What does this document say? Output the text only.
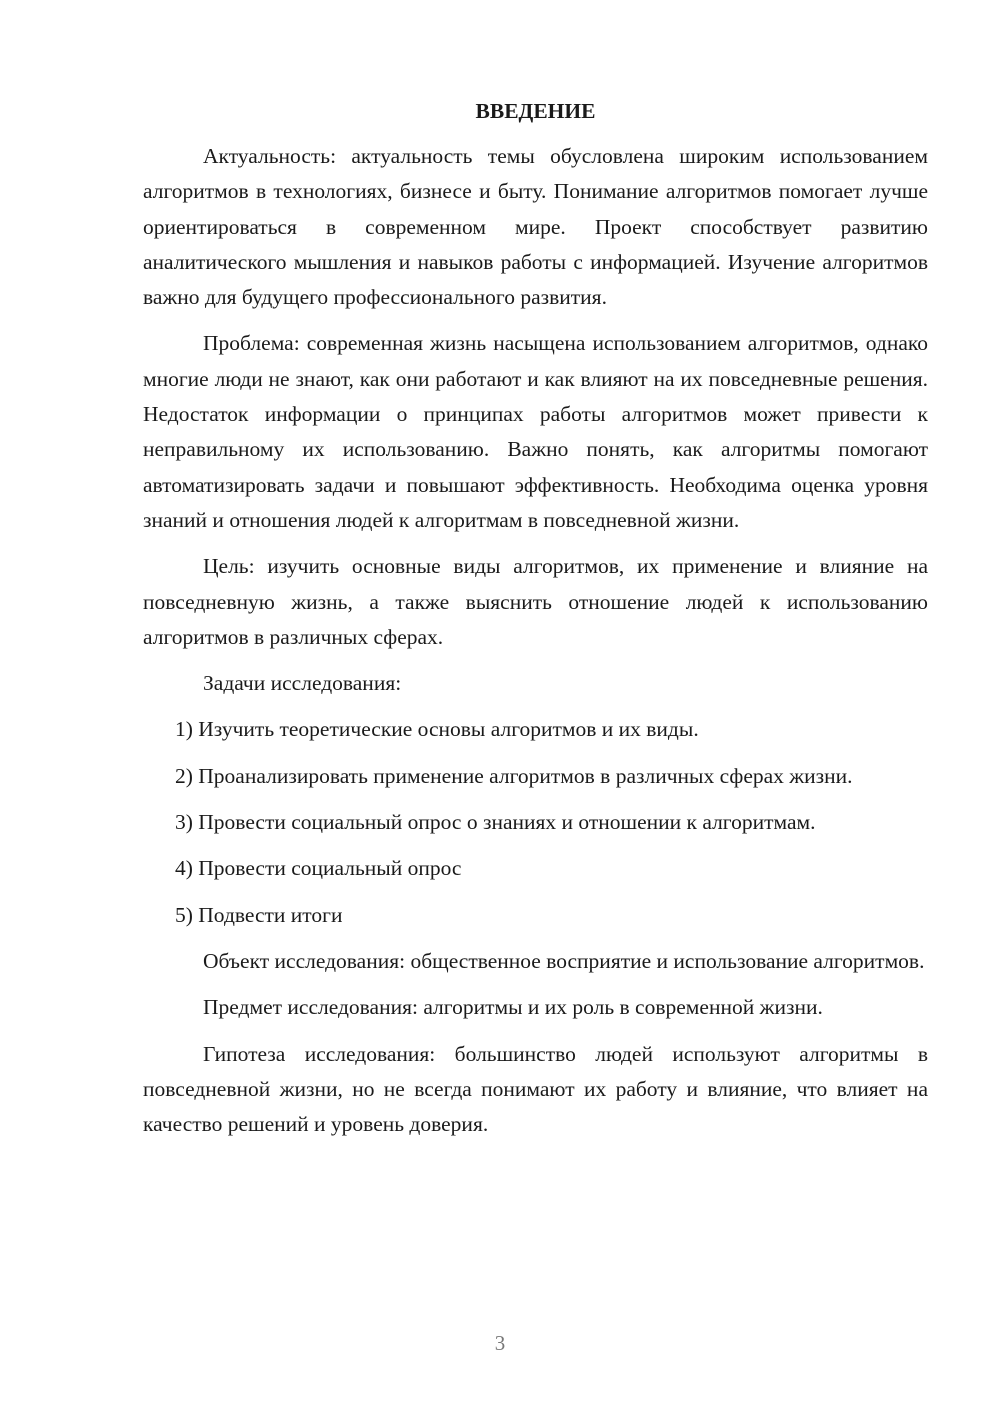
ВВЕДЕНИЕ

Актуальность: актуальность темы обусловлена широким использованием алгоритмов в технологиях, бизнесе и быту. Понимание алгоритмов помогает лучше ориентироваться в современном мире. Проект способствует развитию аналитического мышления и навыков работы с информацией. Изучение алгоритмов важно для будущего профессионального развития.

Проблема: современная жизнь насыщена использованием алгоритмов, однако многие люди не знают, как они работают и как влияют на их повседневные решения. Недостаток информации о принципах работы алгоритмов может привести к неправильному их использованию. Важно понять, как алгоритмы помогают автоматизировать задачи и повышают эффективность. Необходима оценка уровня знаний и отношения людей к алгоритмам в повседневной жизни.

Цель: изучить основные виды алгоритмов, их применение и влияние на повседневную жизнь, а также выяснить отношение людей к использованию алгоритмов в различных сферах.

Задачи исследования:

1) Изучить теоретические основы алгоритмов и их виды.

2) Проанализировать применение алгоритмов в различных сферах жизни.

3) Провести социальный опрос о знаниях и отношении к алгоритмам.

4) Провести социальный опрос

5) Подвести итоги

Объект исследования: общественное восприятие и использование алгоритмов.

Предмет исследования: алгоритмы и их роль в современной жизни.

Гипотеза исследования: большинство людей используют алгоритмы в повседневной жизни, но не всегда понимают их работу и влияние, что влияет на качество решений и уровень доверия.

3
